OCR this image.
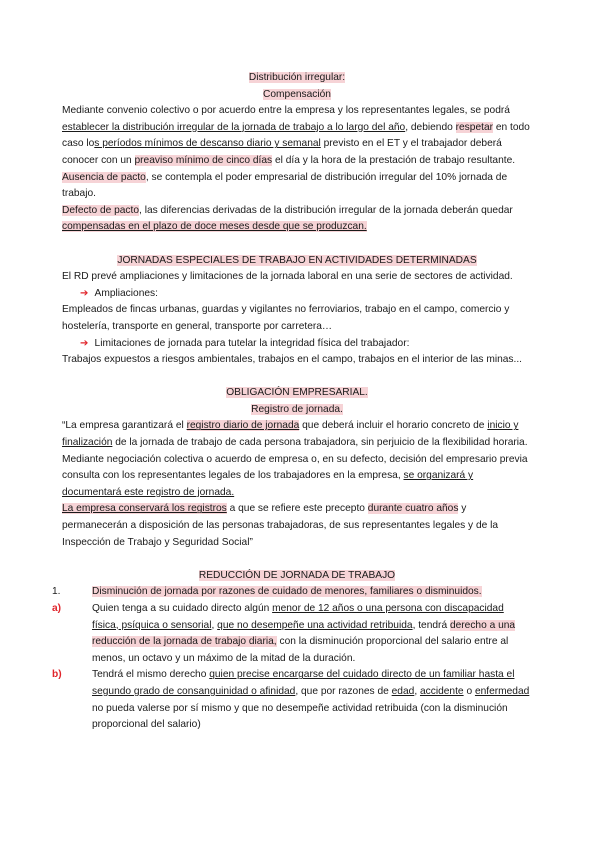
Distribución irregular:

Compensación

Mediante convenio colectivo o por acuerdo entre la empresa y los representantes legales, se podrá establecer la distribución irregular de la jornada de trabajo a lo largo del año, debiendo respetar en todo caso los períodos mínimos de descanso diario y semanal previsto en el ET y el trabajador deberá conocer con un preaviso mínimo de cinco días el día y la hora de la prestación de trabajo resultante.

Ausencia de pacto, se contempla el poder empresarial de distribución irregular del 10% jornada de trabajo.

Defecto de pacto, las diferencias derivadas de la distribución irregular de la jornada deberán quedar compensadas en el plazo de doce meses desde que se produzcan.

JORNADAS ESPECIALES DE TRABAJO EN ACTIVIDADES DETERMINADAS

El RD prevé ampliaciones y limitaciones de la jornada laboral en una serie de sectores de actividad.

➔ Ampliaciones:

Empleados de fincas urbanas, guardas y vigilantes no ferroviarios, trabajo en el campo, comercio y hostelería, transporte en general, transporte por carretera…

➔ Limitaciones de jornada para tutelar la integridad física del trabajador:

Trabajos expuestos a riesgos ambientales, trabajos en el campo, trabajos en el interior de las minas...

OBLIGACIÓN EMPRESARIAL.

Registro de jornada.

“La empresa garantizará el registro diario de jornada que deberá incluir el horario concreto de inicio y finalización de la jornada de trabajo de cada persona trabajadora, sin perjuicio de la flexibilidad horaria.

Mediante negociación colectiva o acuerdo de empresa o, en su defecto, decisión del empresario previa consulta con los representantes legales de los trabajadores en la empresa, se organizará y documentará este registro de jornada.

La empresa conservará los registros a que se refiere este precepto durante cuatro años y permanecerán a disposición de las personas trabajadoras, de sus representantes legales y de la Inspección de Trabajo y Seguridad Social”

REDUCCIÓN DE JORNADA DE TRABAJO

1.	Disminución de jornada por razones de cuidado de menores, familiares o disminuidos.

a)	Quien tenga a su cuidado directo algún menor de 12 años o una persona con discapacidad física, psíquica o sensorial, que no desempeñe una actividad retribuida, tendrá derecho a una reducción de la jornada de trabajo diaria, con la disminución proporcional del salario entre al menos, un octavo y un máximo de la mitad de la duración.

b)	Tendrá el mismo derecho quien precise encargarse del cuidado directo de un familiar hasta el segundo grado de consanguinidad o afinidad, que por razones de edad, accidente o enfermedad no pueda valerse por sí mismo y que no desempeñe actividad retribuida (con la disminución proporcional del salario)
